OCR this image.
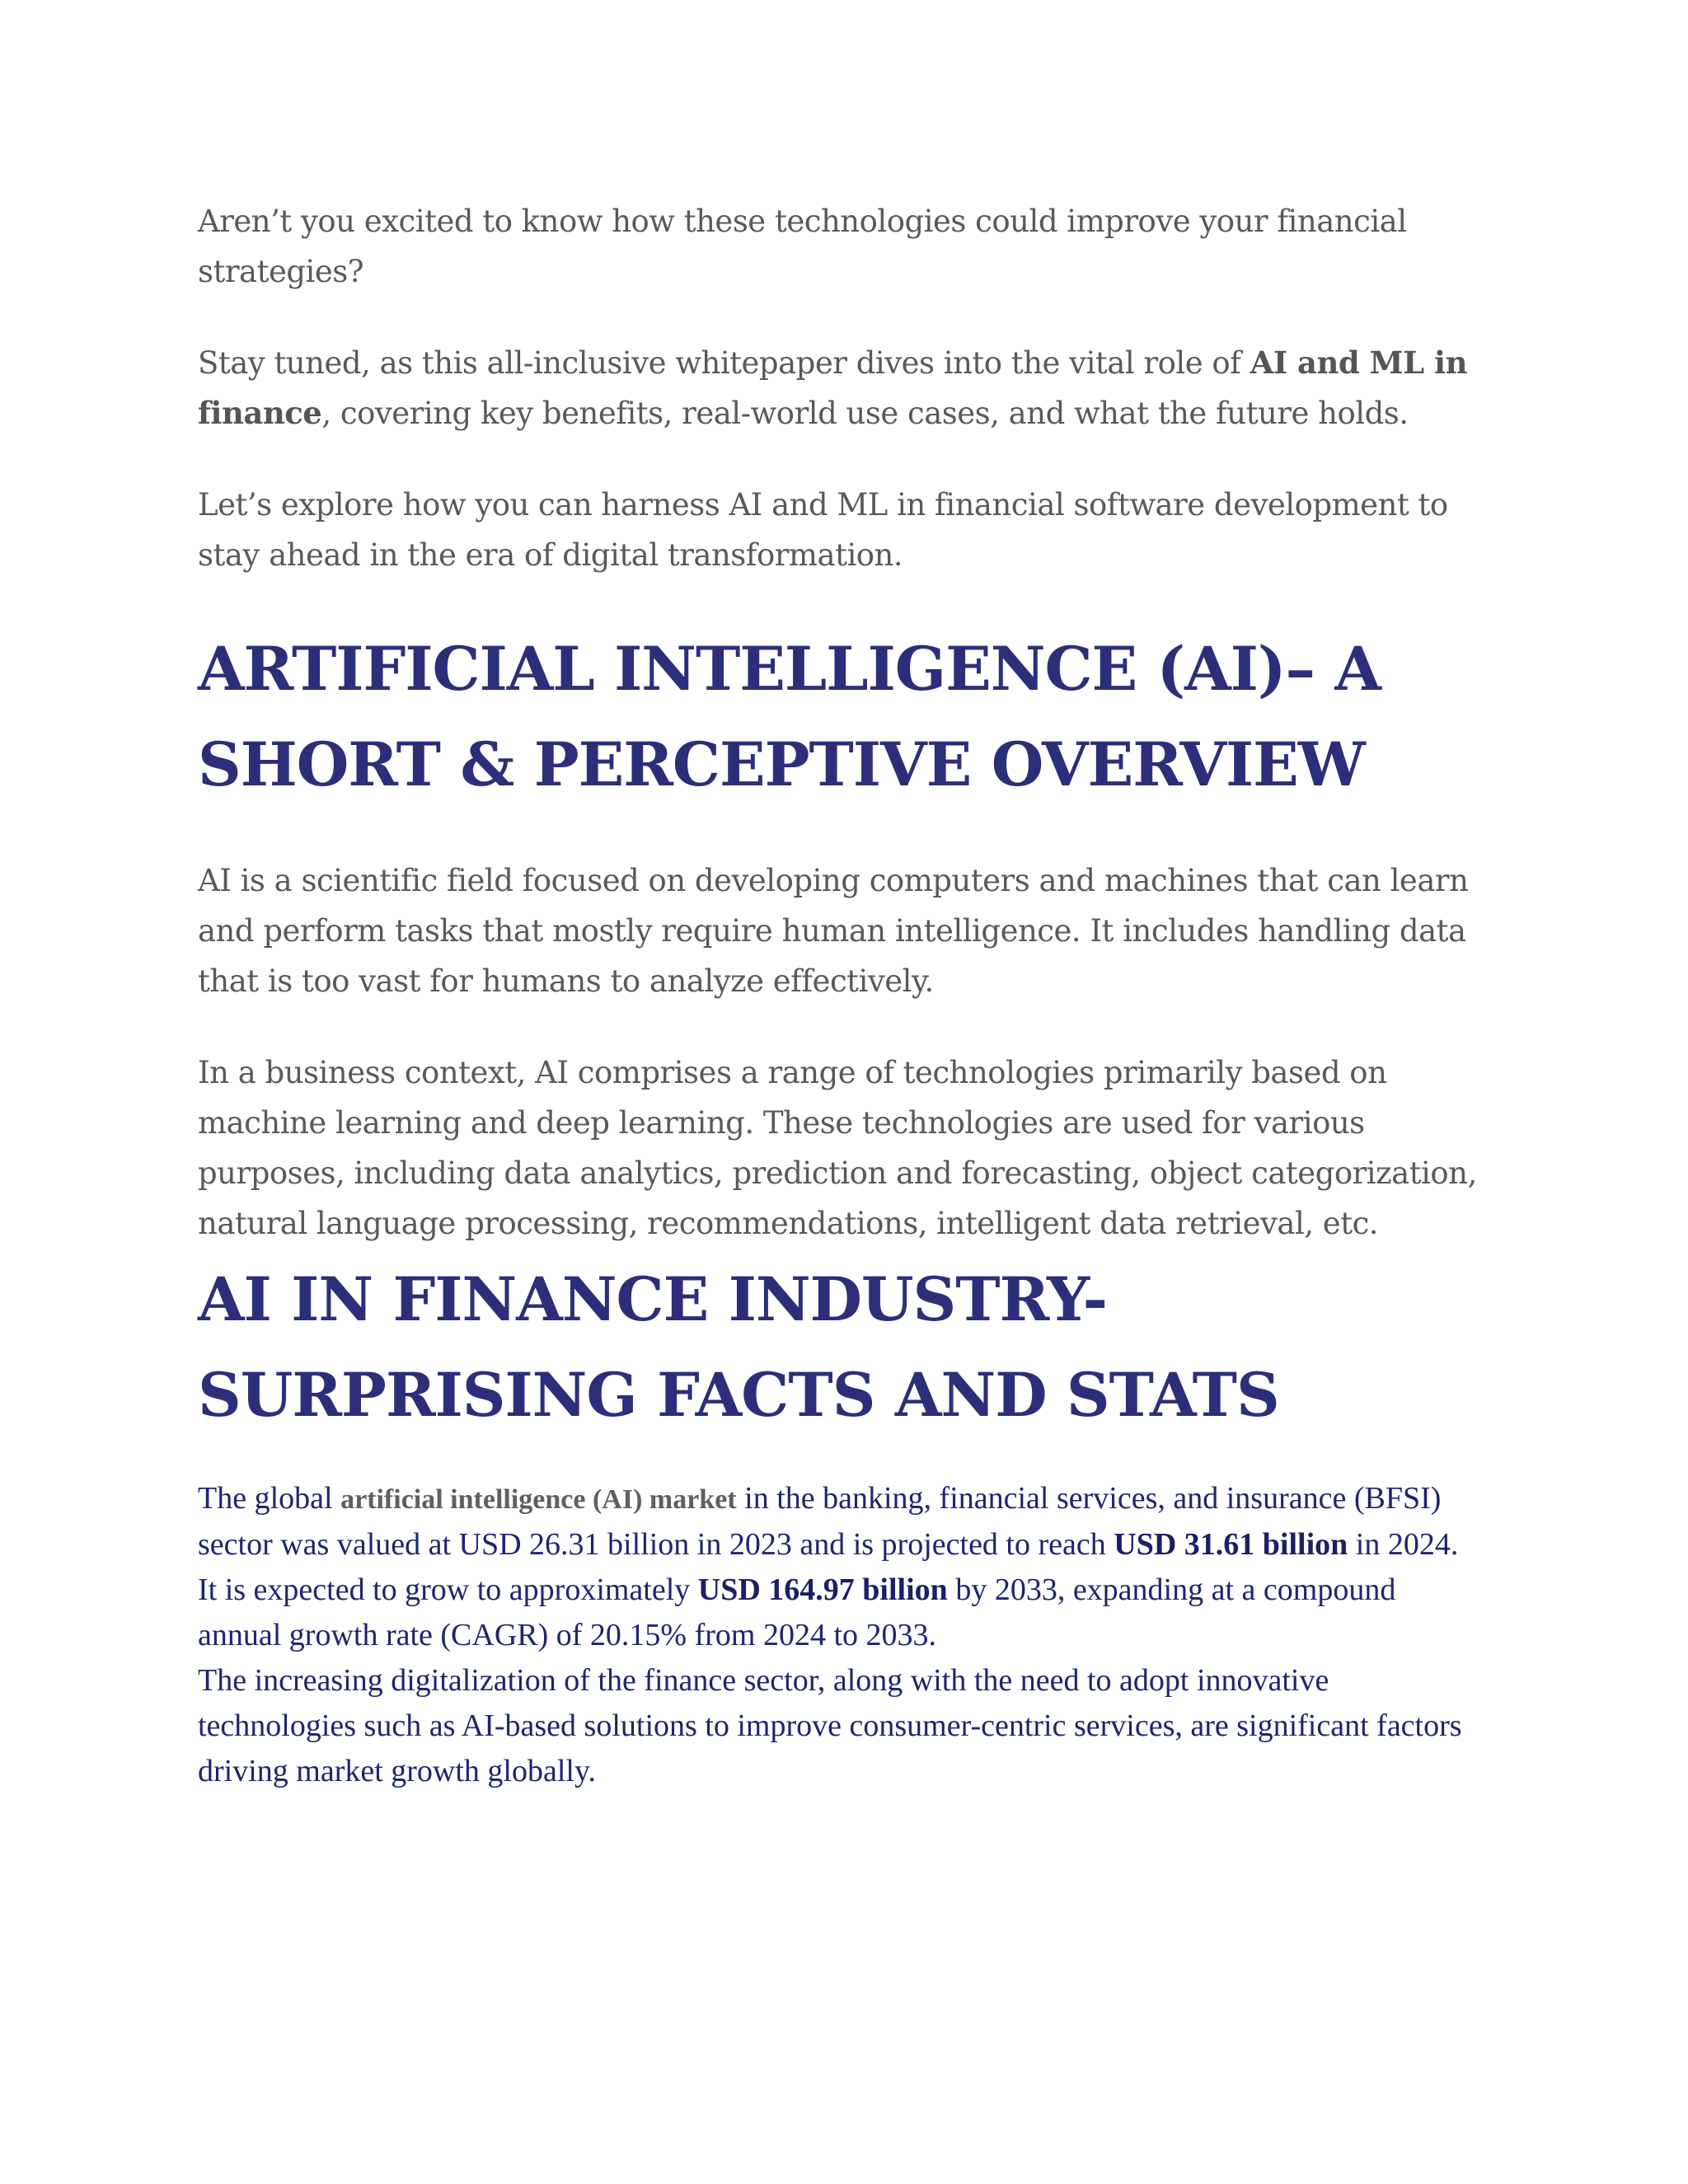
Aren’t you excited to know how these technologies could improve your financial strategies?

Stay tuned, as this all-inclusive whitepaper dives into the vital role of AI and ML in finance, covering key benefits, real-world use cases, and what the future holds.

Let’s explore how you can harness AI and ML in financial software development to stay ahead in the era of digital transformation.

ARTIFICIAL INTELLIGENCE (AI)– A SHORT & PERCEPTIVE OVERVIEW

AI is a scientific field focused on developing computers and machines that can learn and perform tasks that mostly require human intelligence. It includes handling data that is too vast for humans to analyze effectively.

In a business context, AI comprises a range of technologies primarily based on machine learning and deep learning. These technologies are used for various purposes, including data analytics, prediction and forecasting, object categorization, natural language processing, recommendations, intelligent data retrieval, etc.

AI IN FINANCE INDUSTRY- SURPRISING FACTS AND STATS

The global artificial intelligence (AI) market in the banking, financial services, and insurance (BFSI) sector was valued at USD 26.31 billion in 2023 and is projected to reach USD 31.61 billion in 2024.
It is expected to grow to approximately USD 164.97 billion by 2033, expanding at a compound annual growth rate (CAGR) of 20.15% from 2024 to 2033.
The increasing digitalization of the finance sector, along with the need to adopt innovative technologies such as AI-based solutions to improve consumer-centric services, are significant factors driving market growth globally.
